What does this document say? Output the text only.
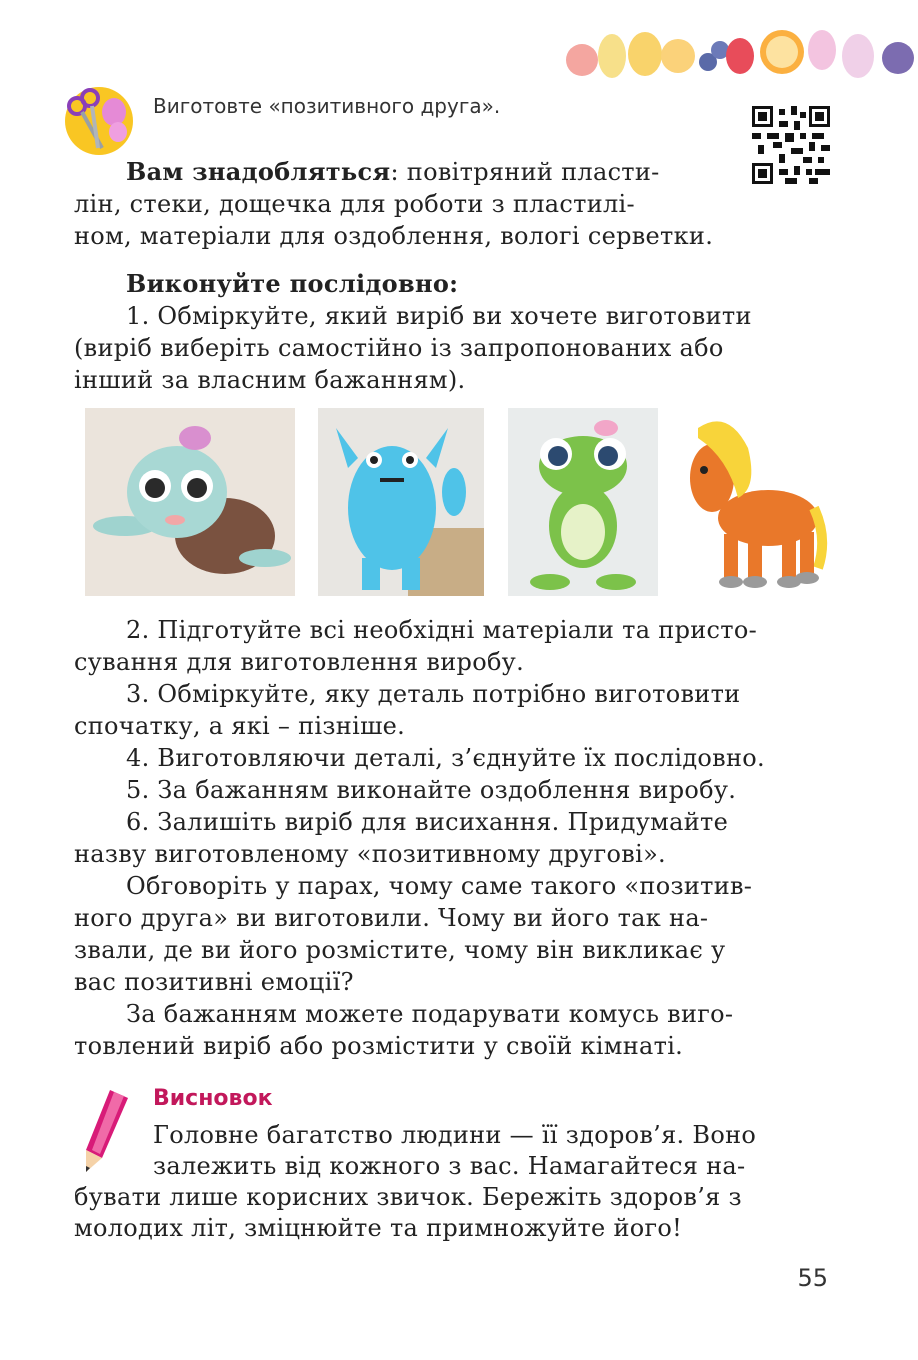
Виготовте «позитивного друга».

Вам знадобляться: повітряний пласти-

лін, стеки, дощечка для роботи з пластилі-

ном, матеріали для оздоблення, вологі серветки.

Виконуйте послідовно:

1. Обміркуйте, який виріб ви хочете виготовити

(виріб виберіть самостійно із запропонованих або

інший за власним бажанням).

2. Підготуйте всі необхідні матеріали та присто-

сування для виготовлення виробу.

3. Обміркуйте, яку деталь потрібно виготовити

спочатку, а які – пізніше.

4. Виготовляючи деталі, з’єднуйте їх послідовно.

5. За бажанням виконайте оздоблення виробу.

6. Залишіть виріб для висихання. Придумайте

назву виготовленому «позитивному другові».

Обговоріть у парах, чому саме такого «позитив-

ного друга» ви виготовили. Чому ви його так на-

звали, де ви його розмістите, чому він викликає у

вас позитивні емоції?

За бажанням можете подарувати комусь виго-

товлений виріб або розмістити у своїй кімнаті.

Висновок

Головне багатство людини — її здоров’я. Воно

залежить від кожного з вас. Намагайтеся на-

бувати лише корисних звичок. Бережіть здоров’я з

молодих літ, зміцнюйте та примножуйте його!

55
